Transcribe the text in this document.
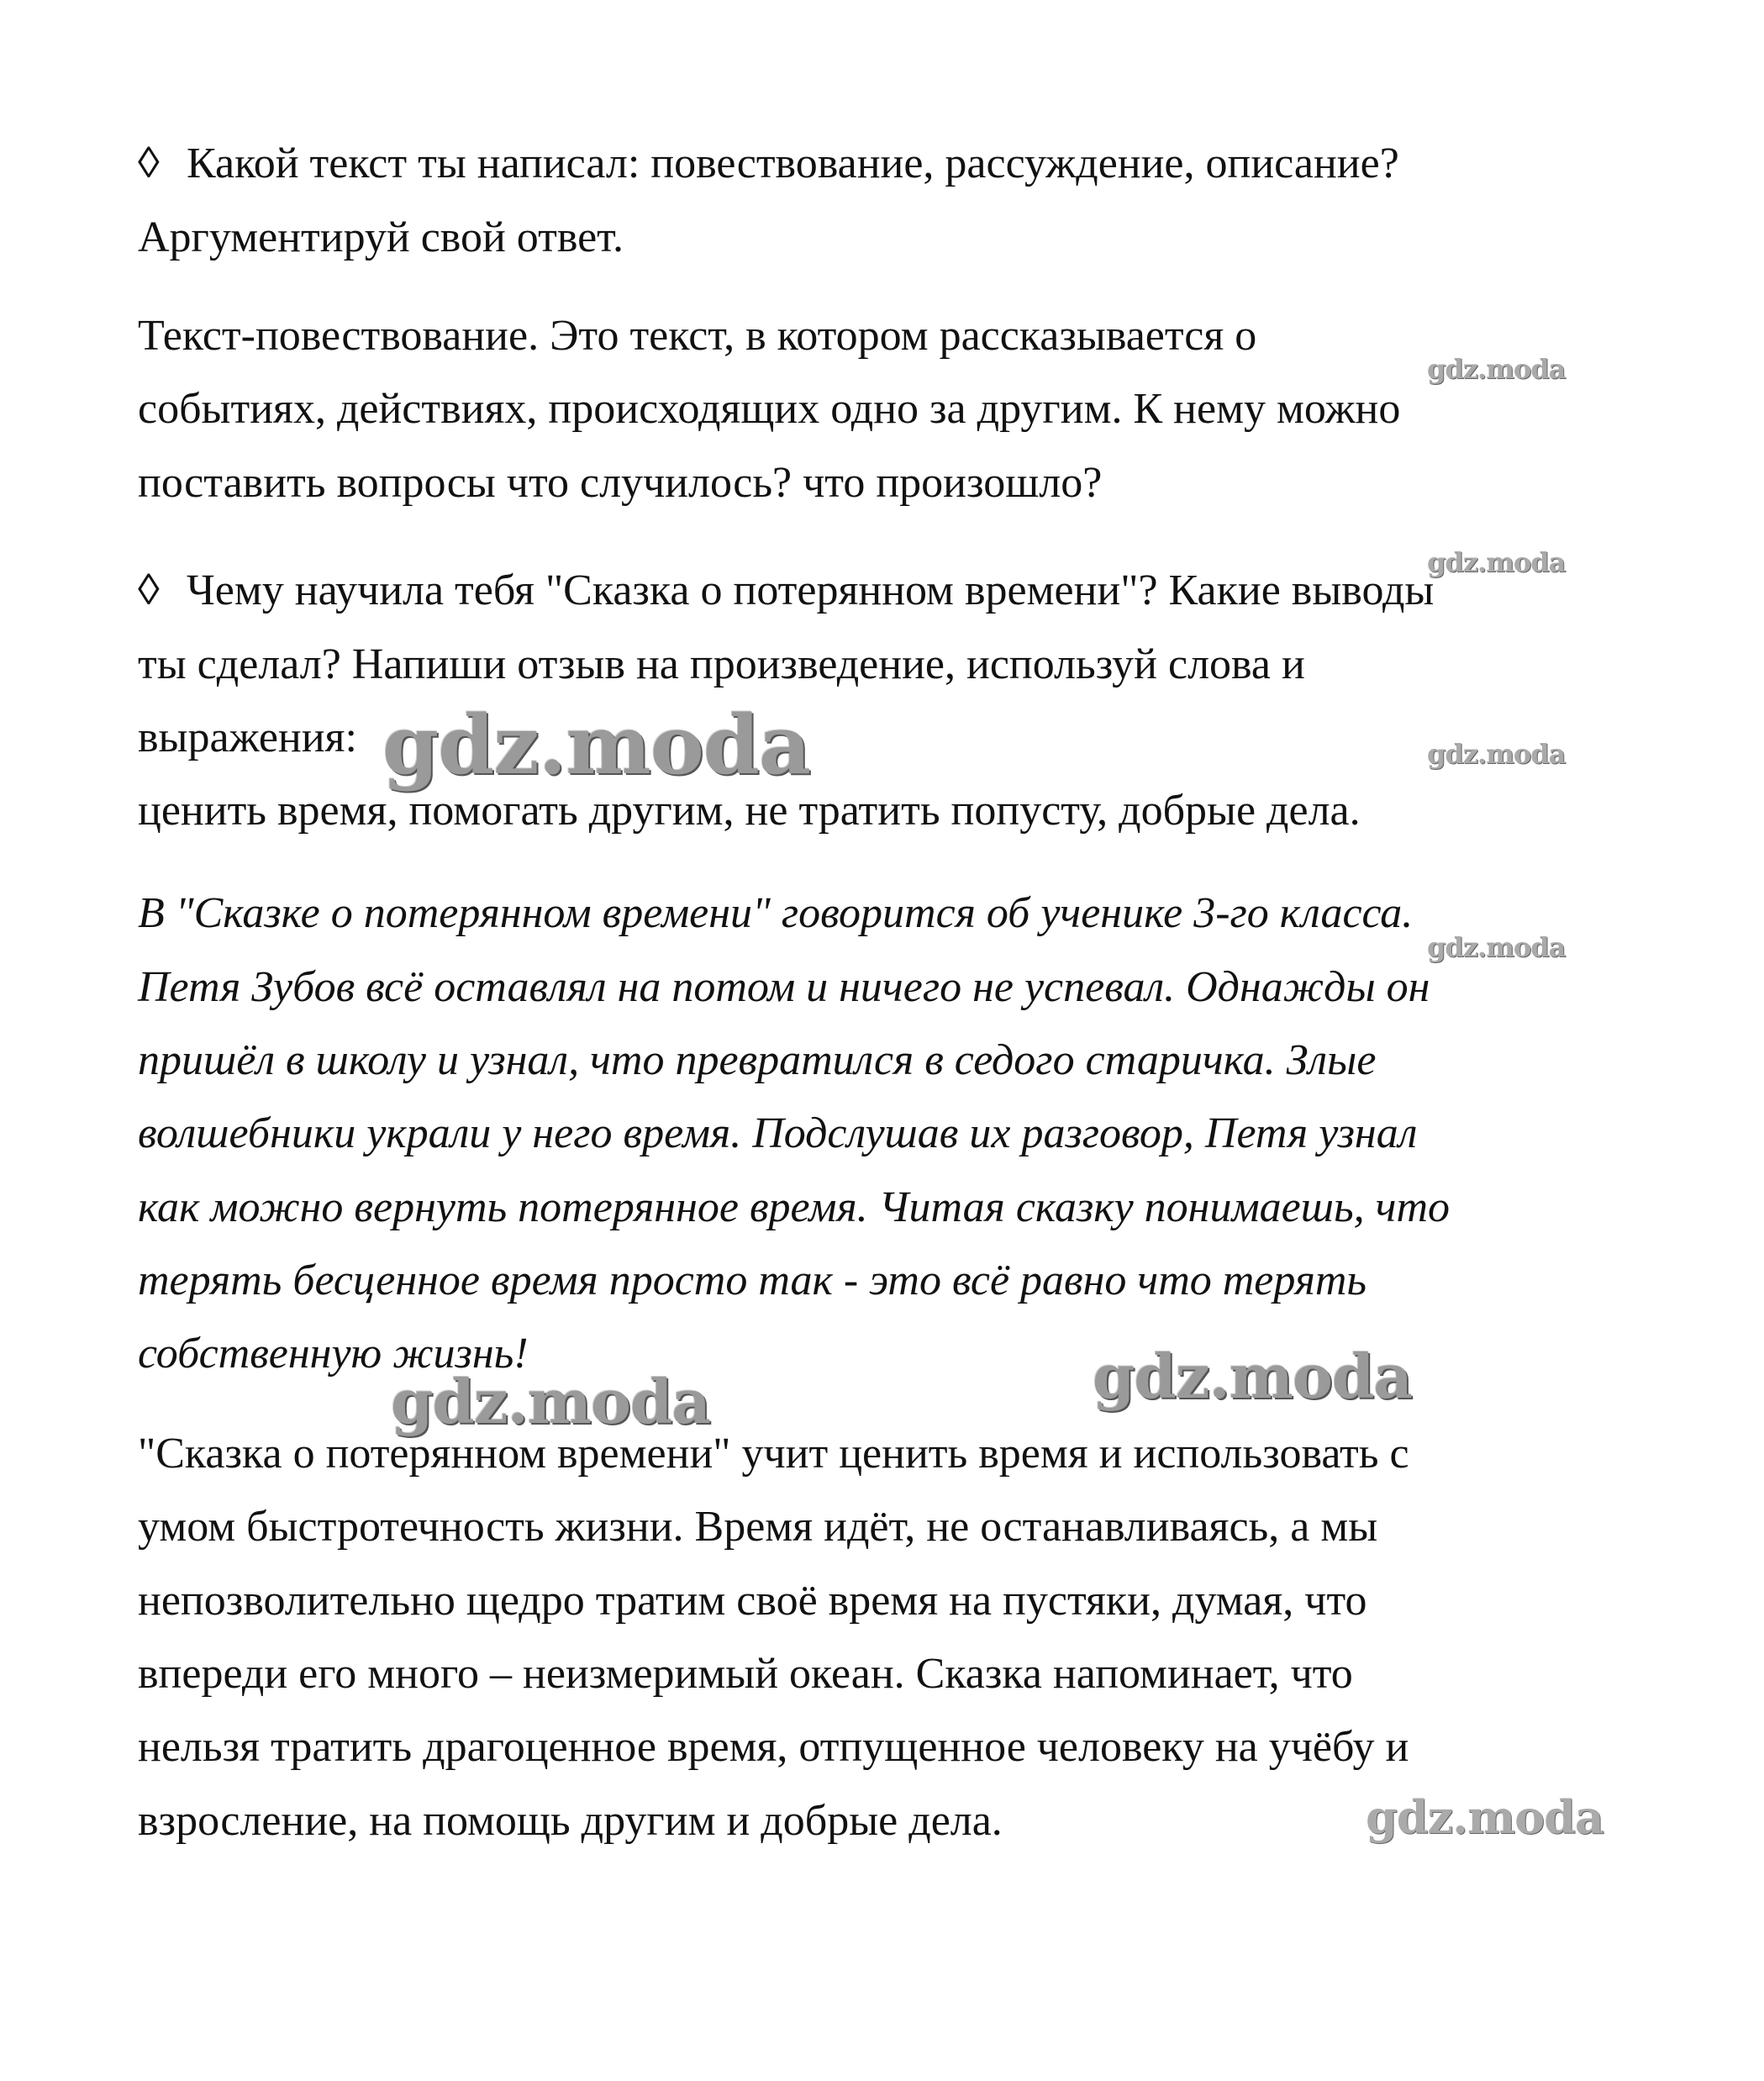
◊ Какой текст ты написал: повествование, рассуждение, описание?
Аргументируй свой ответ.
Текст-повествование. Это текст, в котором рассказывается о
событиях, действиях, происходящих одно за другим. К нему можно
поставить вопросы что случилось? что произошло?
◊ Чему научила тебя "Сказка о потерянном времени"? Какие выводы
ты сделал? Напиши отзыв на произведение, используй слова и
выражения:
ценить время, помогать другим, не тратить попусту, добрые дела.
В "Сказке о потерянном времени" говорится об ученике 3-го класса.
Петя Зубов всё оставлял на потом и ничего не успевал. Однажды он
пришёл в школу и узнал, что превратился в седого старичка. Злые
волшебники украли у него время. Подслушав их разговор, Петя узнал
как можно вернуть потерянное время. Читая сказку понимаешь, что
терять бесценное время просто так - это всё равно что терять
собственную жизнь!
"Сказка о потерянном времени" учит ценить время и использовать с
умом быстротечность жизни. Время идёт, не останавливаясь, а мы
непозволительно щедро тратим своё время на пустяки, думая, что
впереди его много – неизмеримый океан. Сказка напоминает, что
нельзя тратить драгоценное время, отпущенное человеку на учёбу и
взросление, на помощь другим и добрые дела.
gdz.moda
gdz.moda
gdz.moda
gdz.moda
gdz.moda
gdz.moda	gdz.moda
gdz.moda
